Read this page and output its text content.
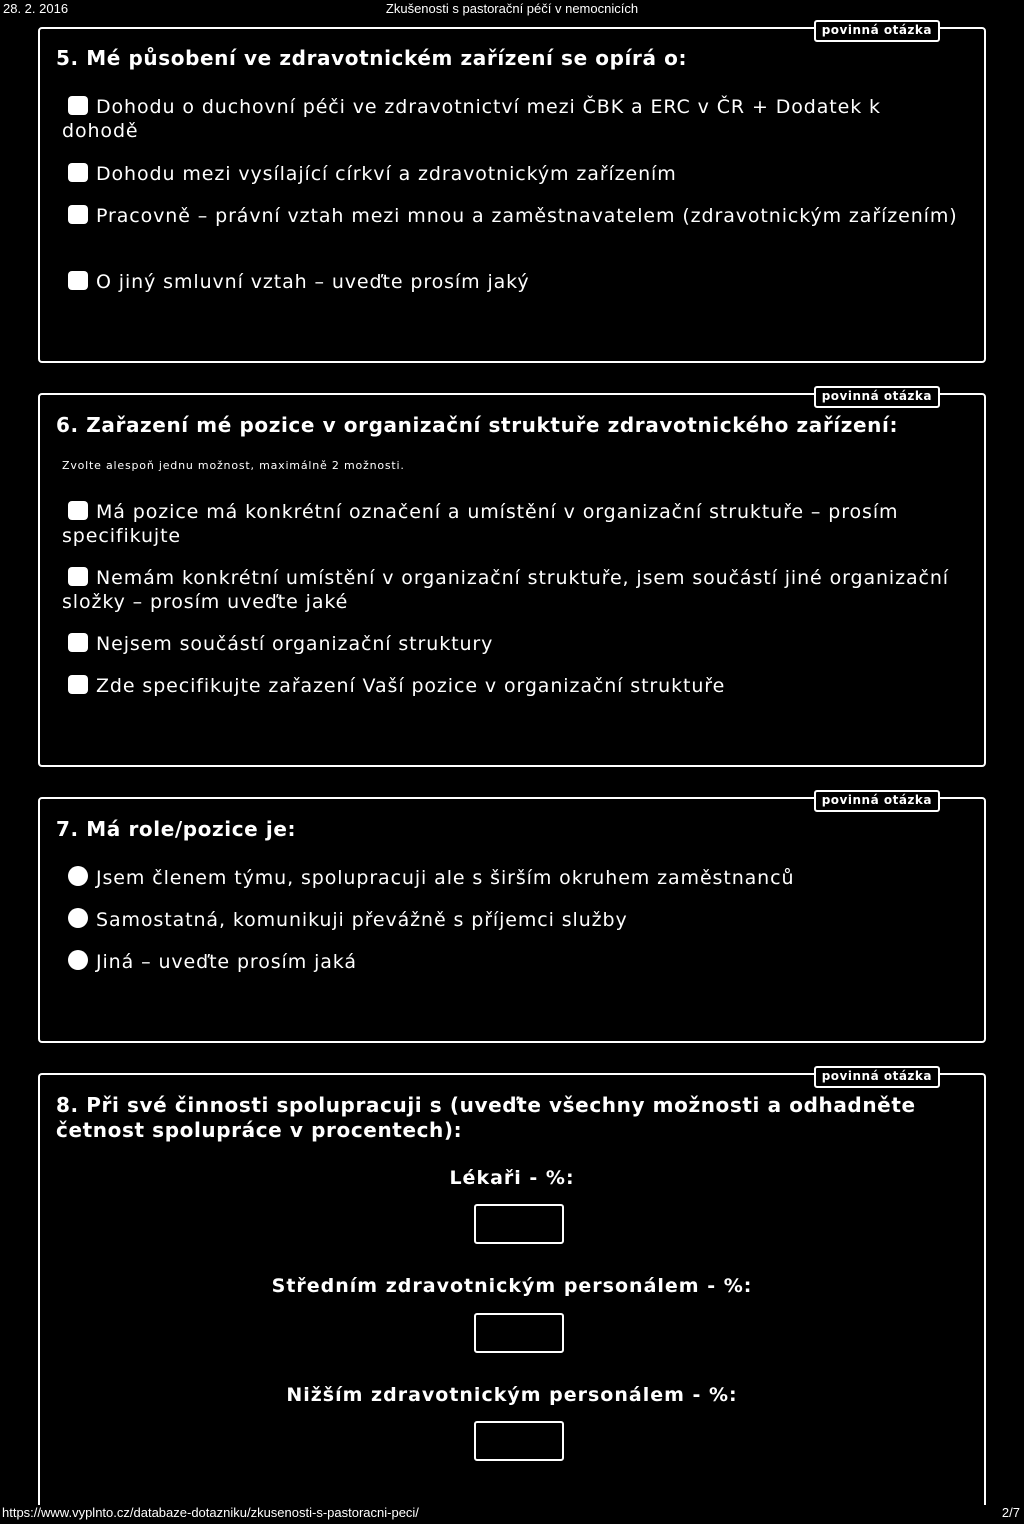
28. 2. 2016	Zkušenosti s pastorační péčí v nemocnicích
povinná otázka
5. Mé působení ve zdravotnickém zařízení se opírá o:
Dohodu o duchovní péči ve zdravotnictví mezi ČBK a ERC v ČR + Dodatek k dohodě
Dohodu mezi vysílající církví a zdravotnickým zařízením
Pracovně – právní vztah mezi mnou a zaměstnavatelem (zdravotnickým zařízením)
O jiný smluvní vztah – uveďte prosím jaký
povinná otázka
6. Zařazení mé pozice v organizační struktuře zdravotnického zařízení:
Zvolte alespoň jednu možnost, maximálně 2 možnosti.
Má pozice má konkrétní označení a umístění v organizační struktuře – prosím specifikujte
Nemám konkrétní umístění v organizační struktuře, jsem součástí jiné organizační složky – prosím uveďte jaké
Nejsem součástí organizační struktury
Zde specifikujte zařazení Vaší pozice v organizační struktuře
povinná otázka
7. Má role/pozice je:
Jsem členem týmu, spolupracuji ale s širším okruhem zaměstnanců
Samostatná, komunikuji převážně s příjemci služby
Jiná – uveďte prosím jaká
povinná otázka
8. Při své činnosti spolupracuji s (uveďte všechny možnosti a odhadněte četnost spolupráce v procentech):
Lékaři - %:
Středním zdravotnickým personálem - %:
Nižším zdravotnickým personálem - %:
https://www.vyplnto.cz/databaze-dotazniku/zkusenosti-s-pastoracni-peci/	2/7
